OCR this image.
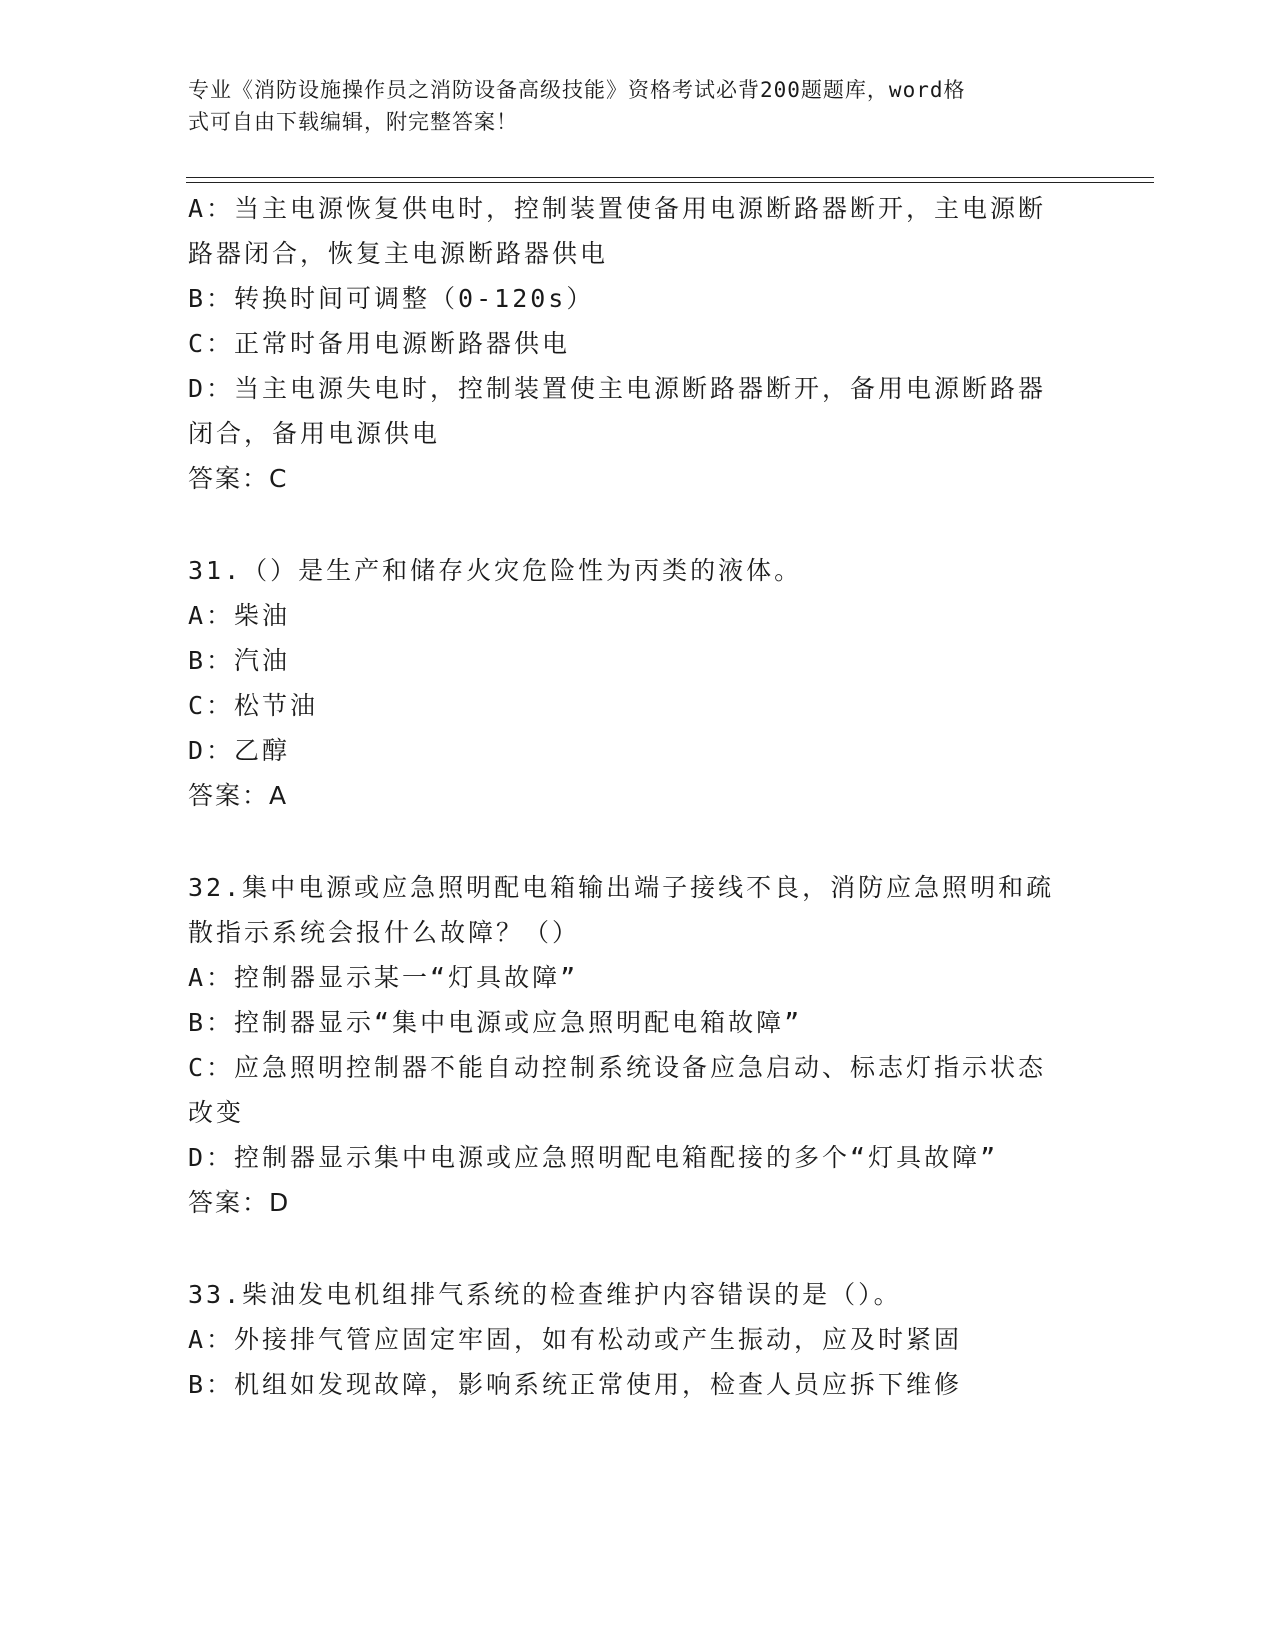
专业《消防设施操作员之消防设备高级技能》资格考试必背200题题库，word格
式可自由下载编辑，附完整答案！
A：当主电源恢复供电时，控制装置使备用电源断路器断开，主电源断
路器闭合，恢复主电源断路器供电
B：转换时间可调整（0-120s）
C：正常时备用电源断路器供电
D：当主电源失电时，控制装置使主电源断路器断开，备用电源断路器
闭合，备用电源供电
答案：C
31.（）是生产和储存火灾危险性为丙类的液体。
A：柴油
B：汽油
C：松节油
D：乙醇
答案：A
32.集中电源或应急照明配电箱输出端子接线不良，消防应急照明和疏
散指示系统会报什么故障？（）
A：控制器显示某一“灯具故障”
B：控制器显示“集中电源或应急照明配电箱故障”
C：应急照明控制器不能自动控制系统设备应急启动、标志灯指示状态
改变
D：控制器显示集中电源或应急照明配电箱配接的多个“灯具故障”
答案：D
33.柴油发电机组排气系统的检查维护内容错误的是（）。
A：外接排气管应固定牢固，如有松动或产生振动，应及时紧固
B：机组如发现故障，影响系统正常使用，检查人员应拆下维修
